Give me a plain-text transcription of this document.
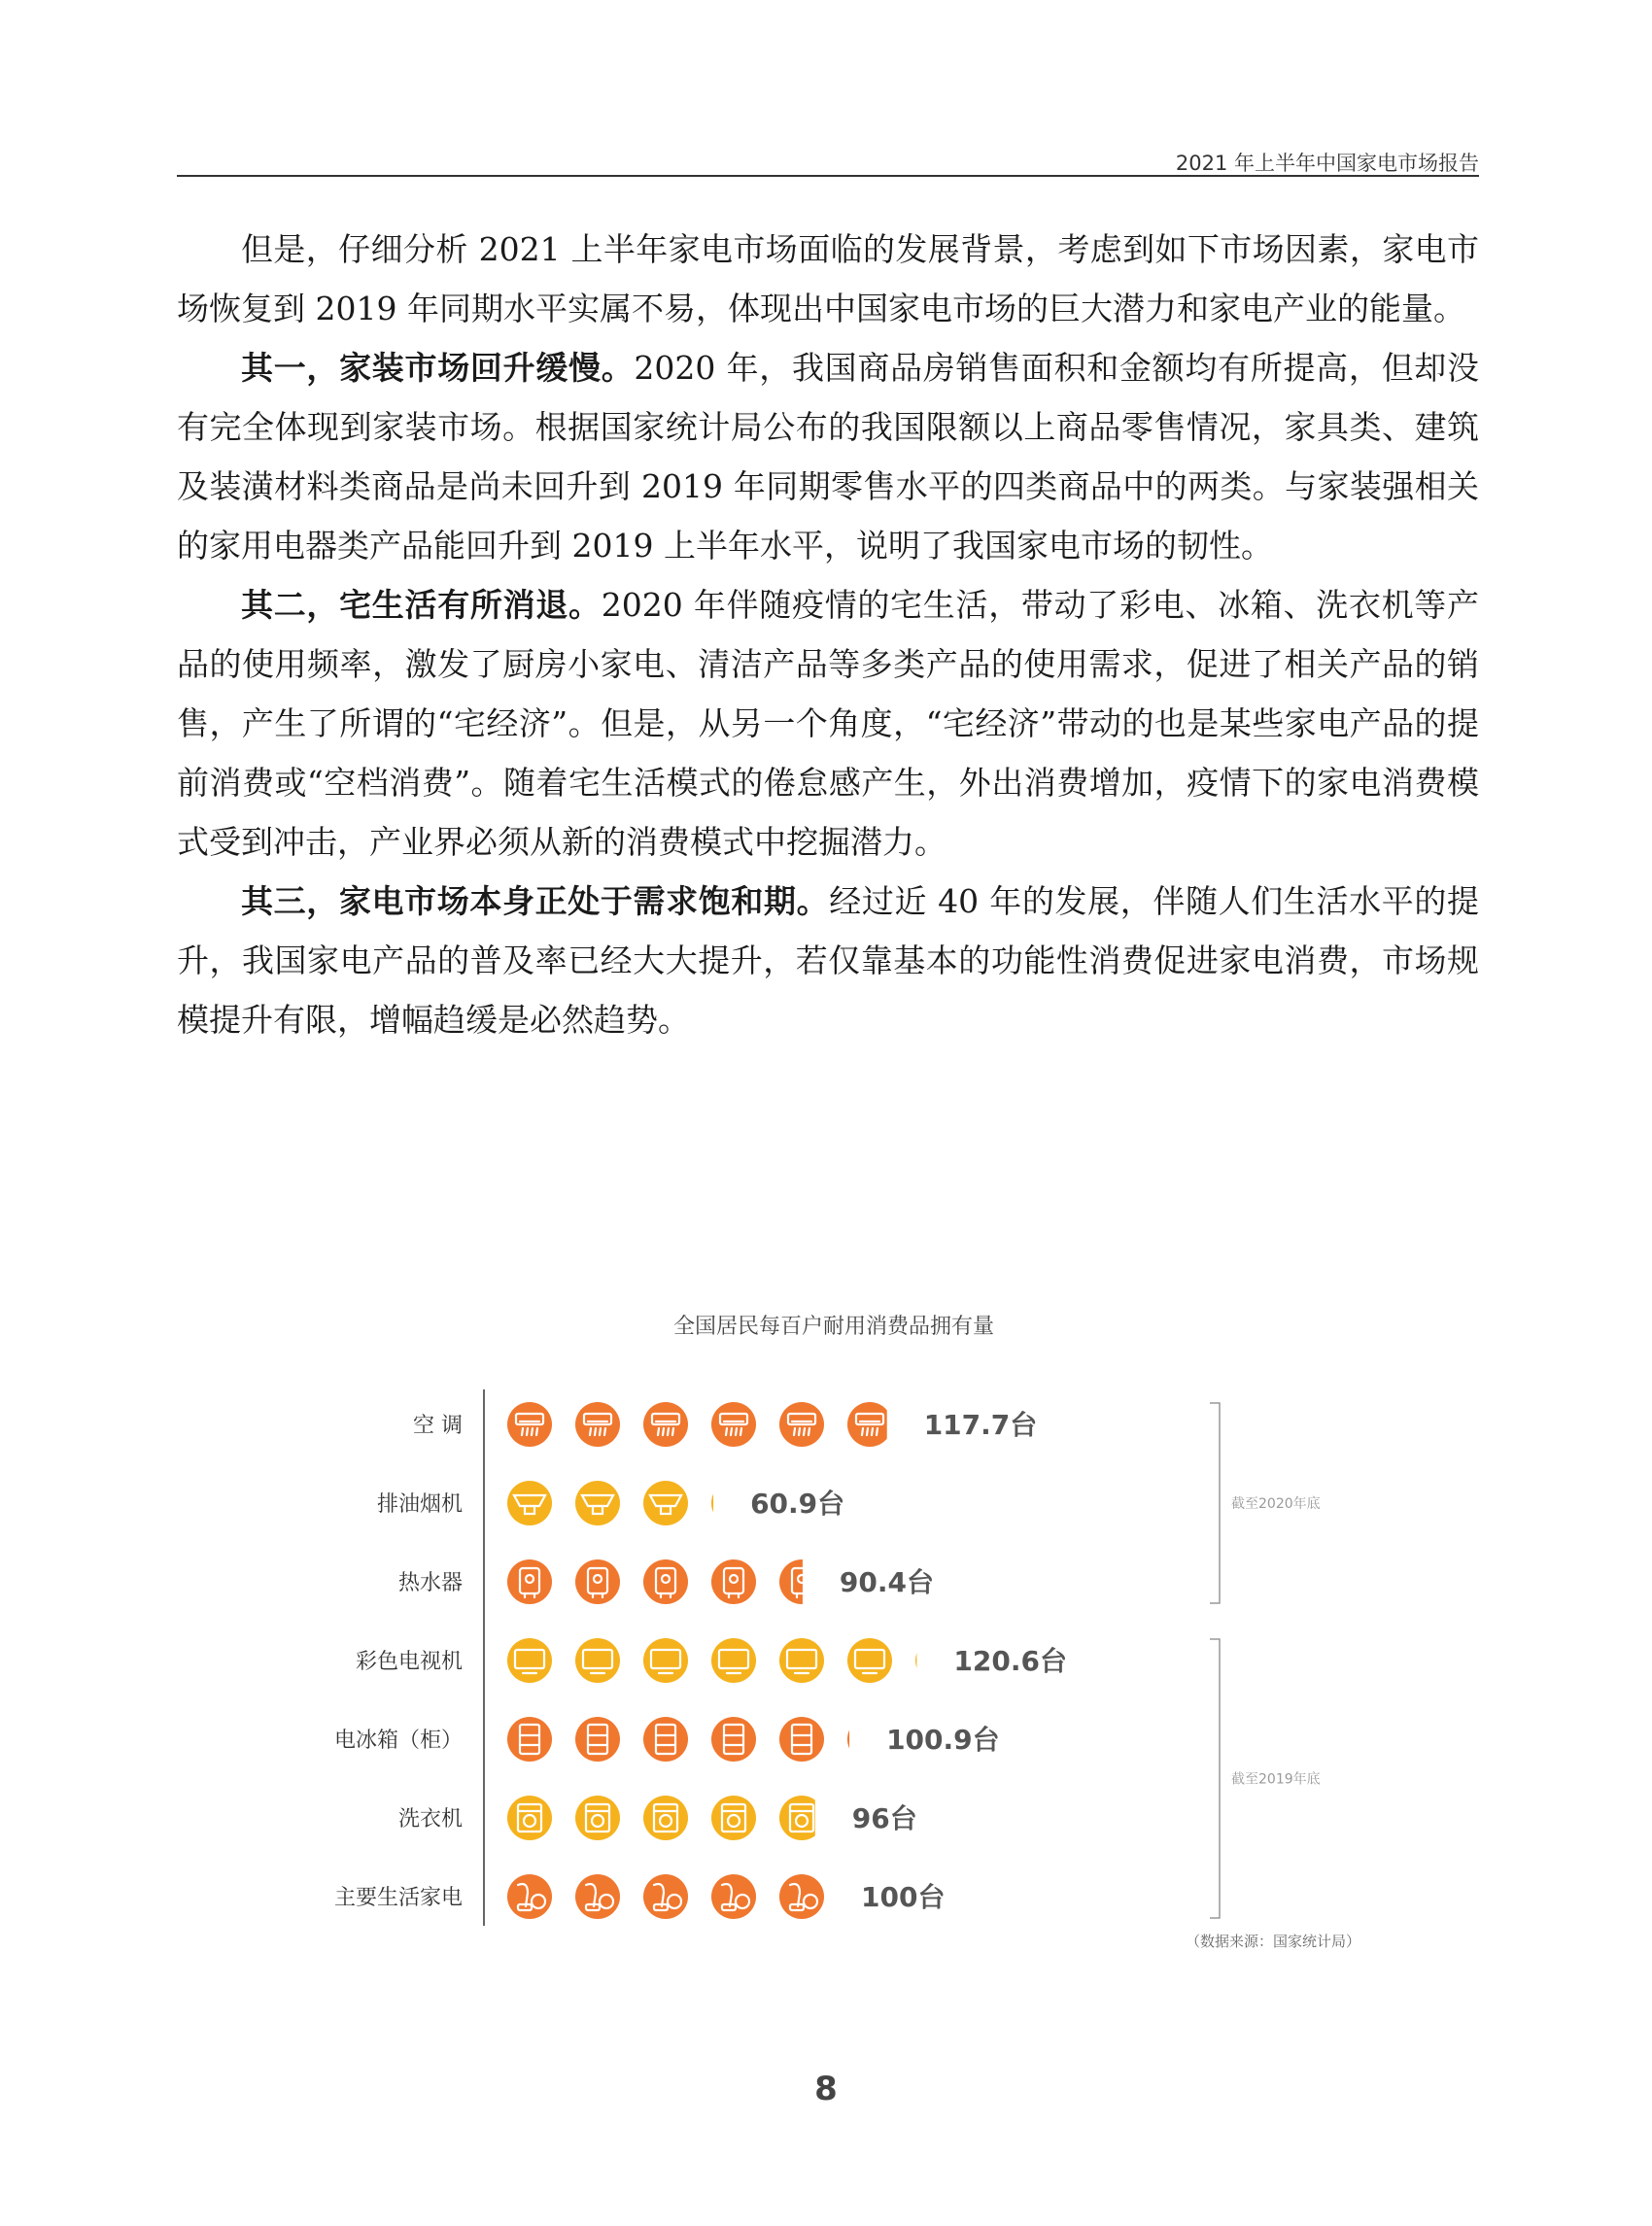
2021 年上半年中国家电市场报告

但是，仔细分析 2021 上半年家电市场面临的发展背景，考虑到如下市场因素，家电市场恢复到 2019 年同期水平实属不易，体现出中国家电市场的巨大潜力和家电产业的能量。

其一，家装市场回升缓慢。2020 年，我国商品房销售面积和金额均有所提高，但却没有完全体现到家装市场。根据国家统计局公布的我国限额以上商品零售情况，家具类、建筑及装潢材料类商品是尚未回升到 2019 年同期零售水平的四类商品中的两类。与家装强相关的家用电器类产品能回升到 2019 上半年水平，说明了我国家电市场的韧性。

其二，宅生活有所消退。2020 年伴随疫情的宅生活，带动了彩电、冰箱、洗衣机等产品的使用频率，激发了厨房小家电、清洁产品等多类产品的使用需求，促进了相关产品的销售，产生了所谓的“宅经济”。但是，从另一个角度，“宅经济”带动的也是某些家电产品的提前消费或“空档消费”。随着宅生活模式的倦怠感产生，外出消费增加，疫情下的家电消费模式受到冲击，产业界必须从新的消费模式中挖掘潜力。

其三，家电市场本身正处于需求饱和期。经过近 40 年的发展，伴随人们生活水平的提升，我国家电产品的普及率已经大大提升，若仅靠基本的功能性消费促进家电消费，市场规模提升有限，增幅趋缓是必然趋势。

全国居民每百户耐用消费品拥有量
空 调	117.7台
排油烟机	60.9台
热水器	90.4台
彩色电视机	120.6台
电冰箱（柜）	100.9台
洗衣机	96台
主要生活家电	100台
截至2020年底
截至2019年底
（数据来源：国家统计局）
8
